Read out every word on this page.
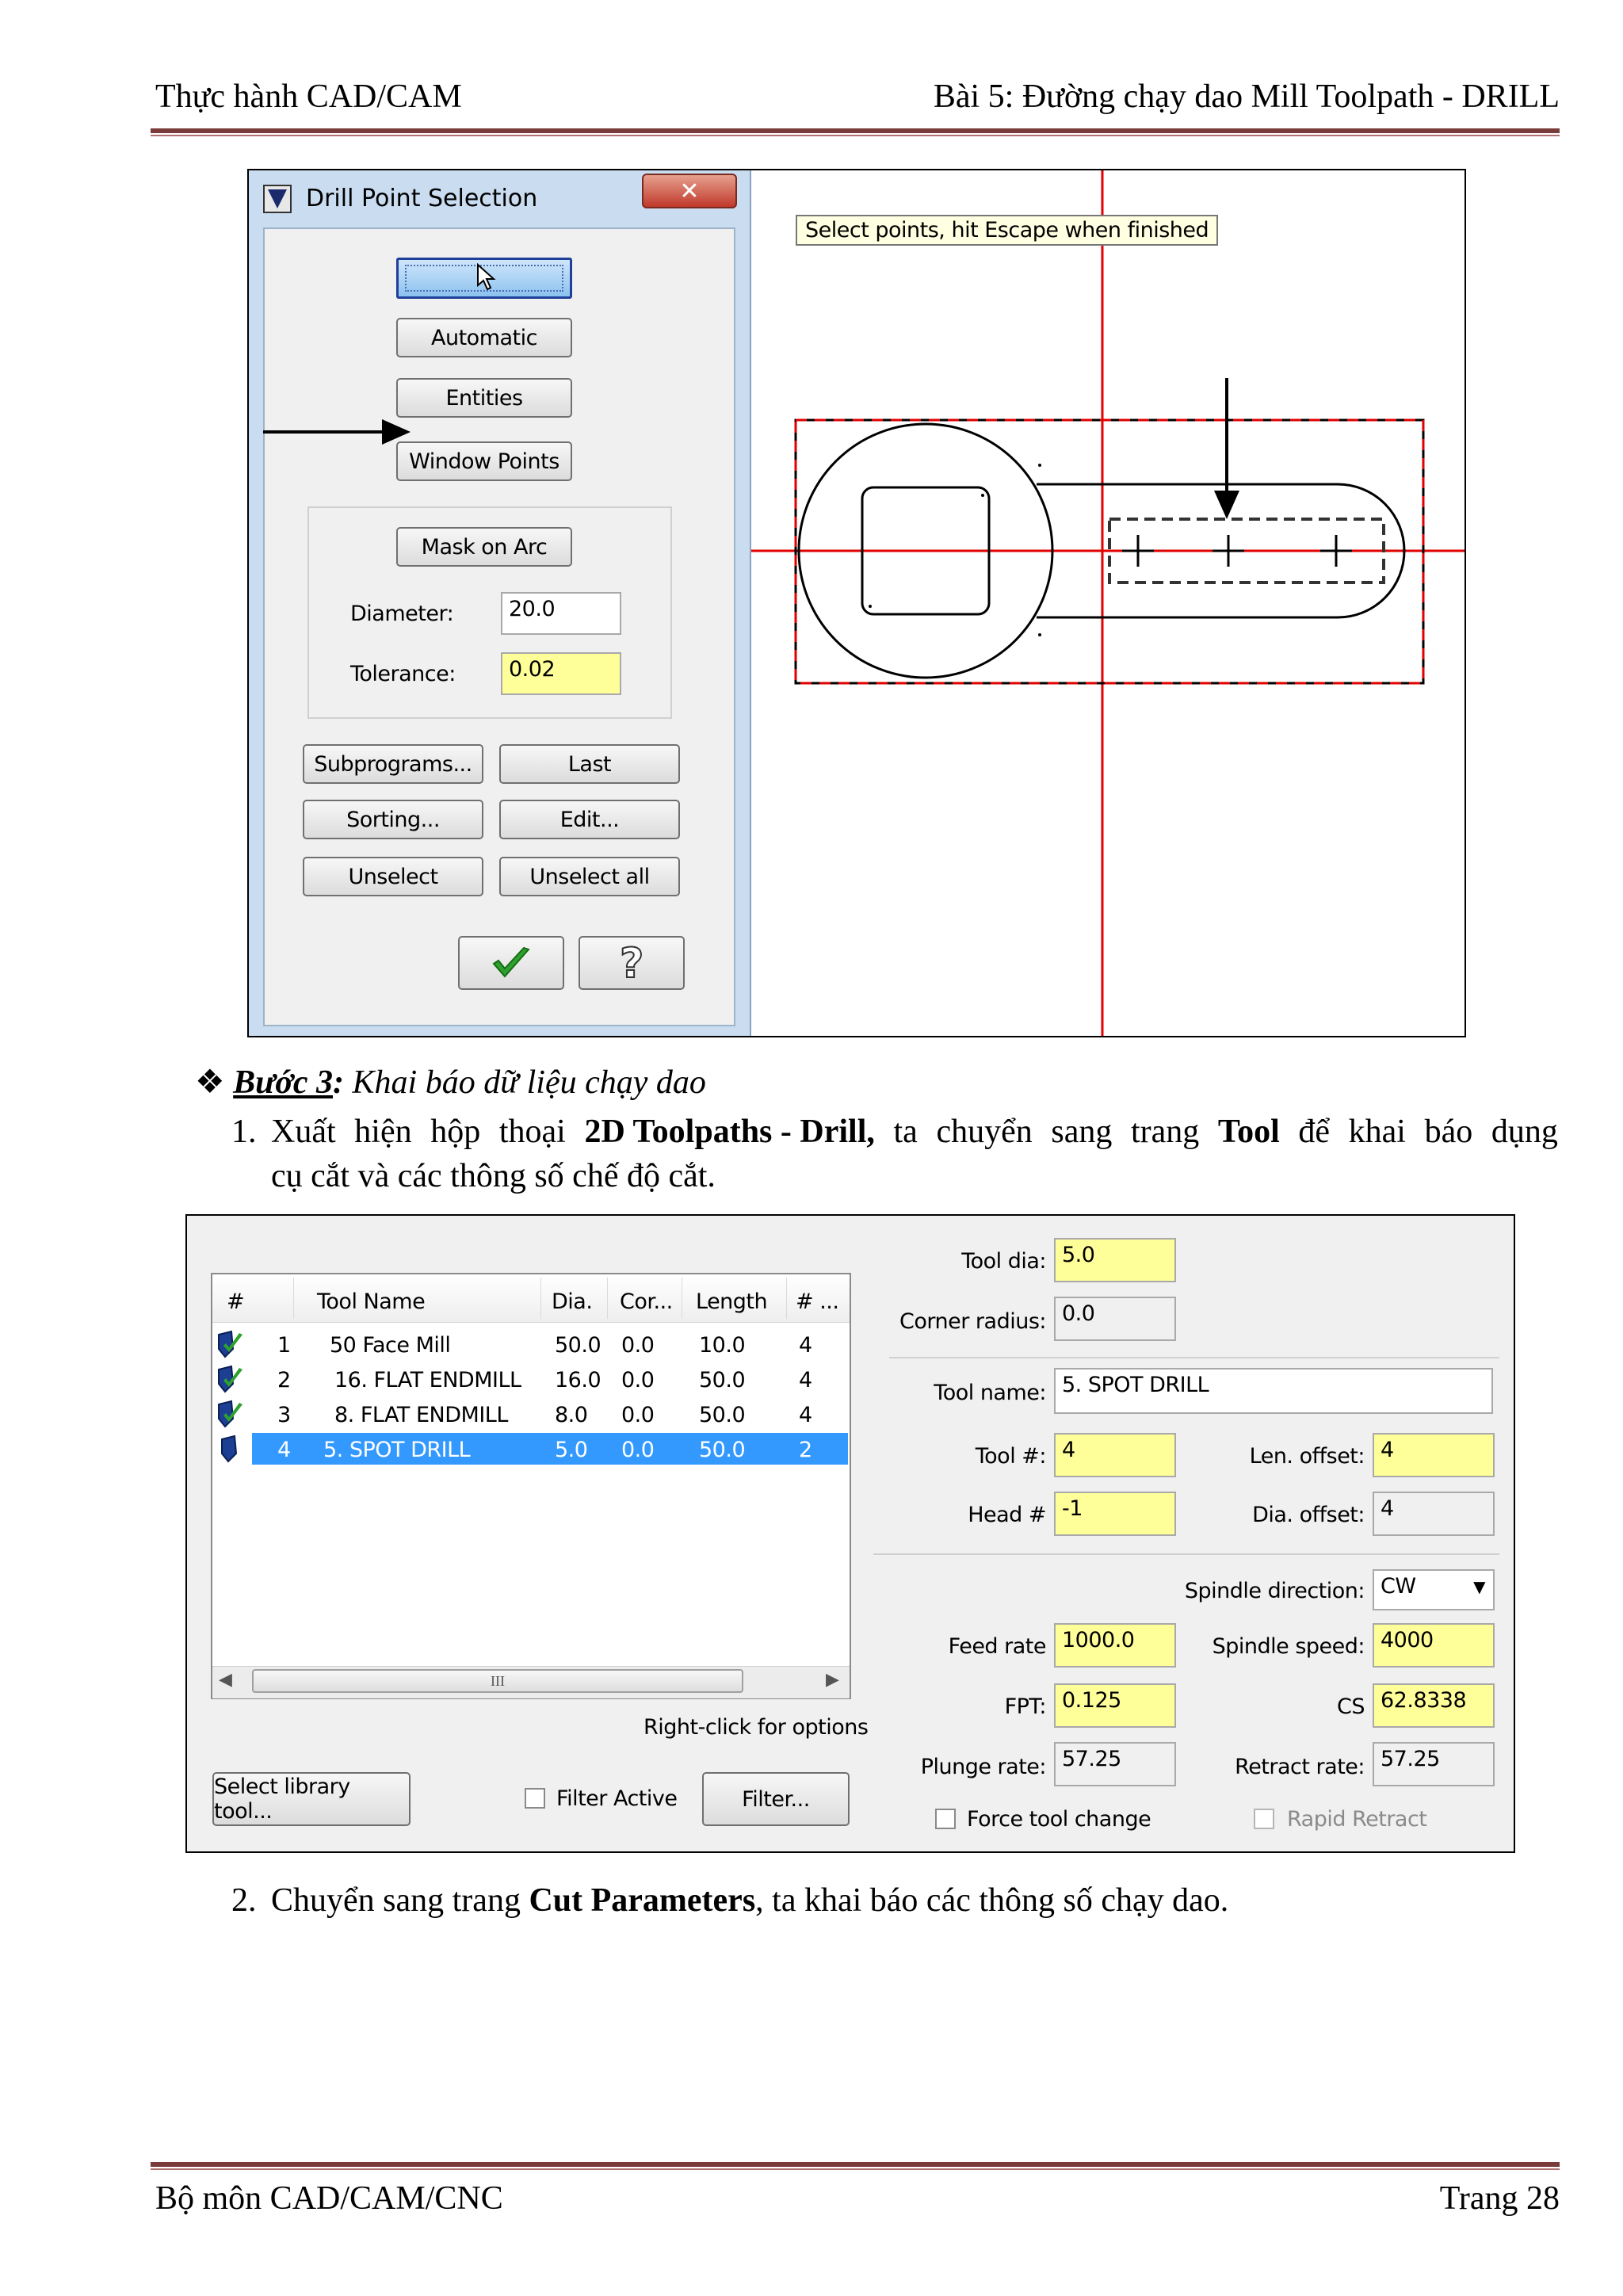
Thực hành CAD/CAM	Bài 5: Đường chạy dao Mill Toolpath - DRILL
Drill Point Selection	✕
Automatic
Entities
Window Points
Mask on Arc
Diameter:	20.0
Tolerance:	0.02
Subprograms...	Last
Sorting...	Edit...
Unselect	Unselect all
?
Select points, hit Escape when finished
❖ Bước 3: Khai báo dữ liệu chạy dao
1. Xuất hiện hộp thoại 2D Toolpaths - Drill, ta chuyển sang trang Tool để khai báo dụng
cụ cắt và các thông số chế độ cắt.
#	Tool Name	Dia. Cor... Length # ...
1 50 Face Mill	50.0 0.0 10.0	4
2 16. FLAT ENDMILL 16.0 0.0 50.0	4
3 8. FLAT ENDMILL 8.0 0.0 50.0	4
4 5. SPOT DRILL	5.0 0.0 50.0	2
◀	III	▶
Right-click for options
Select library tool...
Filter Active	Filter...
Tool dia: 5.0
Corner radius: 0.0
Tool name: 5. SPOT DRILL
Tool #: 4	Len. offset: 4
Head # -1	Dia. offset: 4
Spindle direction: CW	▼
Feed rate 1000.0	Spindle speed: 4000
FPT: 0.125	CS 62.8338
Plunge rate: 57.25	Retract rate: 57.25
Force tool change	Rapid Retract
2. Chuyển sang trang Cut Parameters, ta khai báo các thông số chạy dao.
Bộ môn CAD/CAM/CNC	Trang 28
